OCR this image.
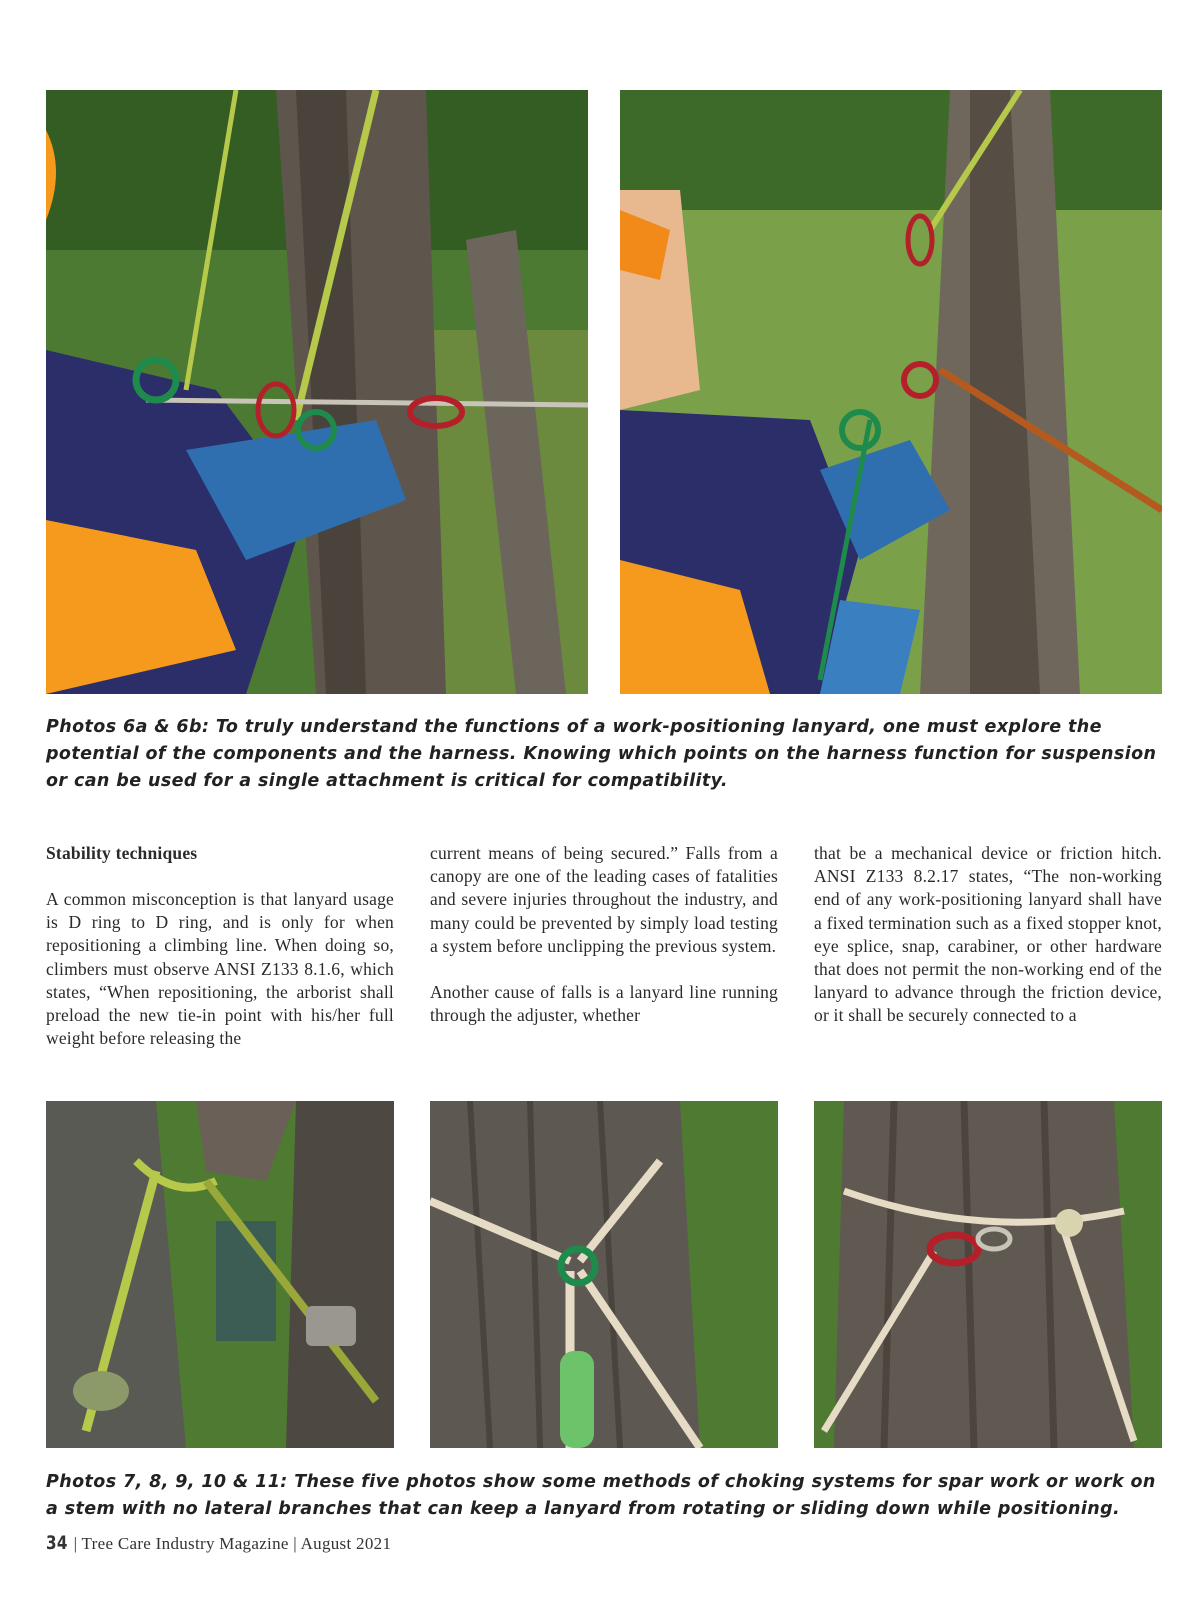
Photos 6a & 6b: To truly understand the functions of a work-positioning lanyard, one must explore the potential of the components and the harness. Knowing which points on the harness function for suspension or can be used for a single attachment is critical for compatibility.
Stability techniques

A common misconception is that lanyard usage is D ring to D ring, and is only for when repositioning a climbing line. When doing so, climbers must observe ANSI Z133 8.1.6, which states, “When repositioning, the arborist shall preload the new tie-in point with his/her full weight before releasing the

current means of being secured.” Falls from a canopy are one of the leading cases of fatalities and severe injuries throughout the industry, and many could be prevented by simply load testing a system before unclipping the previous system.

Another cause of falls is a lanyard line running through the adjuster, whether

that be a mechanical device or friction hitch. ANSI Z133 8.2.17 states, “The non-working end of any work-positioning lanyard shall have a fixed termination such as a fixed stopper knot, eye splice, snap, carabiner, or other hardware that does not permit the non-working end of the lanyard to advance through the friction device, or it shall be securely connected to a

Photos 7, 8, 9, 10 & 11: These five photos show some methods of choking systems for spar work or work on a stem with no lateral branches that can keep a lanyard from rotating or sliding down while positioning.
34 | Tree Care Industry Magazine | August 2021
